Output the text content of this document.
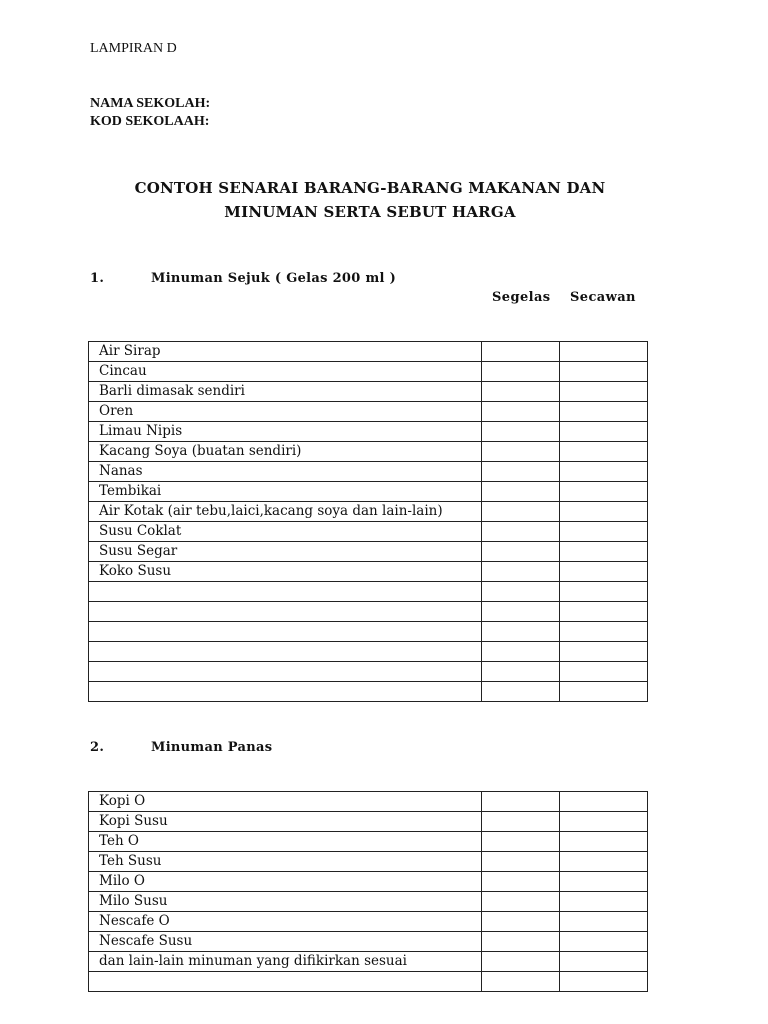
LAMPIRAN D
NAMA SEKOLAH:
KOD SEKOLAAH:
CONTOH SENARAI BARANG-BARANG MAKANAN DAN
MINUMAN SERTA SEBUT HARGA
1.	Minuman Sejuk ( Gelas 200 ml )
Segelas Secawan
Air Sirap		
Cincau		
Barli dimasak sendiri		
Oren		
Limau Nipis		
Kacang Soya (buatan sendiri)		
Nanas		
Tembikai		
Air Kotak (air tebu,laici,kacang soya dan lain-lain)		
Susu Coklat		
Susu Segar		
Koko Susu		

2.	Minuman Panas
Kopi O		
Kopi Susu		
Teh O		
Teh Susu		
Milo O		
Milo Susu		
Nescafe O		
Nescafe Susu		
dan lain-lain minuman yang difikirkan sesuai		
